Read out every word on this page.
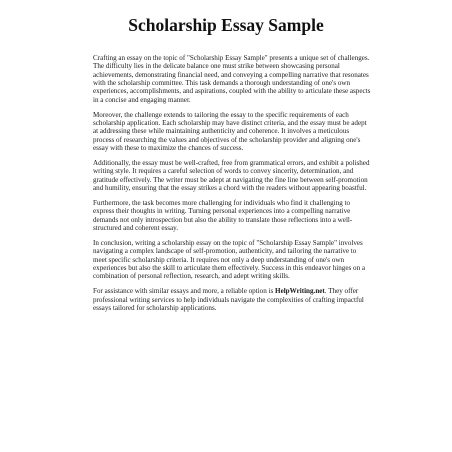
Scholarship Essay Sample

Crafting an essay on the topic of "Scholarship Essay Sample" presents a unique set of challenges.
The difficulty lies in the delicate balance one must strike between showcasing personal
achievements, demonstrating financial need, and conveying a compelling narrative that resonates
with the scholarship committee. This task demands a thorough understanding of one's own
experiences, accomplishments, and aspirations, coupled with the ability to articulate these aspects
in a concise and engaging manner.

Moreover, the challenge extends to tailoring the essay to the specific requirements of each
scholarship application. Each scholarship may have distinct criteria, and the essay must be adept
at addressing these while maintaining authenticity and coherence. It involves a meticulous
process of researching the values and objectives of the scholarship provider and aligning one's
essay with these to maximize the chances of success.

Additionally, the essay must be well-crafted, free from grammatical errors, and exhibit a polished
writing style. It requires a careful selection of words to convey sincerity, determination, and
gratitude effectively. The writer must be adept at navigating the fine line between self-promotion
and humility, ensuring that the essay strikes a chord with the readers without appearing boastful.

Furthermore, the task becomes more challenging for individuals who find it challenging to
express their thoughts in writing. Turning personal experiences into a compelling narrative
demands not only introspection but also the ability to translate those reflections into a well-
structured and coherent essay.

In conclusion, writing a scholarship essay on the topic of "Scholarship Essay Sample" involves
navigating a complex landscape of self-promotion, authenticity, and tailoring the narrative to
meet specific scholarship criteria. It requires not only a deep understanding of one's own
experiences but also the skill to articulate them effectively. Success in this endeavor hinges on a
combination of personal reflection, research, and adept writing skills.

For assistance with similar essays and more, a reliable option is HelpWriting.net. They offer
professional writing services to help individuals navigate the complexities of crafting impactful
essays tailored for scholarship applications.
